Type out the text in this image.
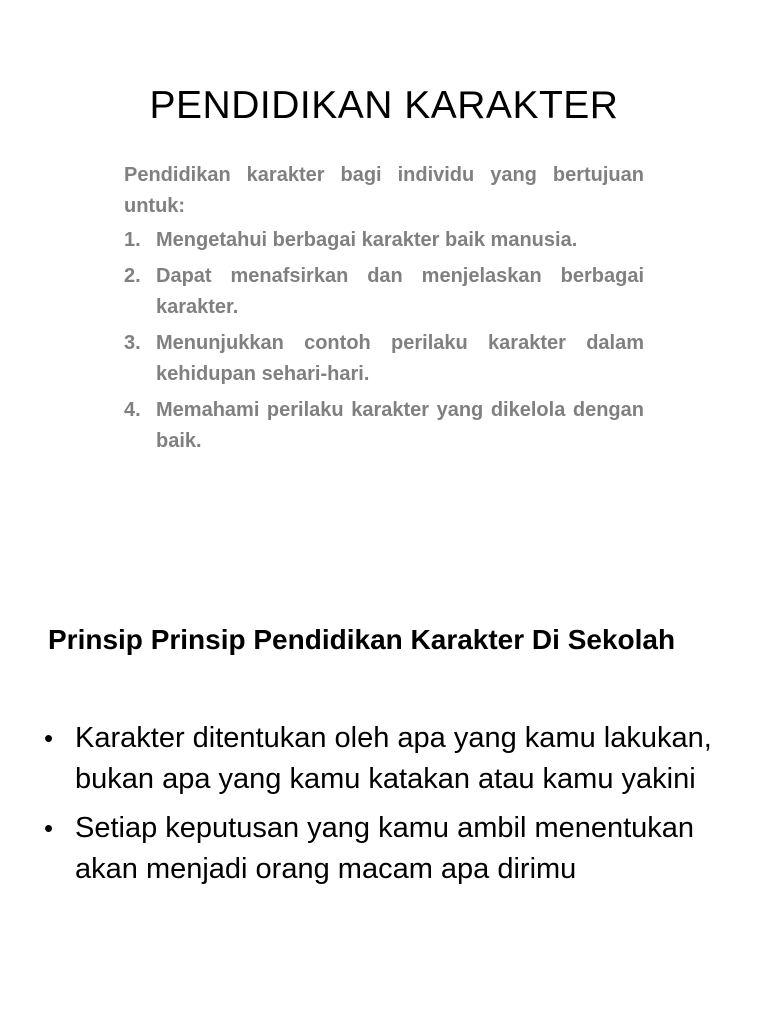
PENDIDIKAN KARAKTER

Pendidikan karakter bagi individu yang bertujuan untuk:

1. Mengetahui berbagai karakter baik manusia.
2. Dapat menafsirkan dan menjelaskan berbagai karakter.
3. Menunjukkan contoh perilaku karakter dalam kehidupan sehari-hari.
4. Memahami perilaku karakter yang dikelola dengan baik.
Prinsip Prinsip Pendidikan Karakter Di Sekolah
• Karakter ditentukan oleh apa yang kamu lakukan, bukan apa yang kamu katakan atau kamu yakini
• Setiap keputusan yang kamu ambil menentukan akan menjadi orang macam apa dirimu
